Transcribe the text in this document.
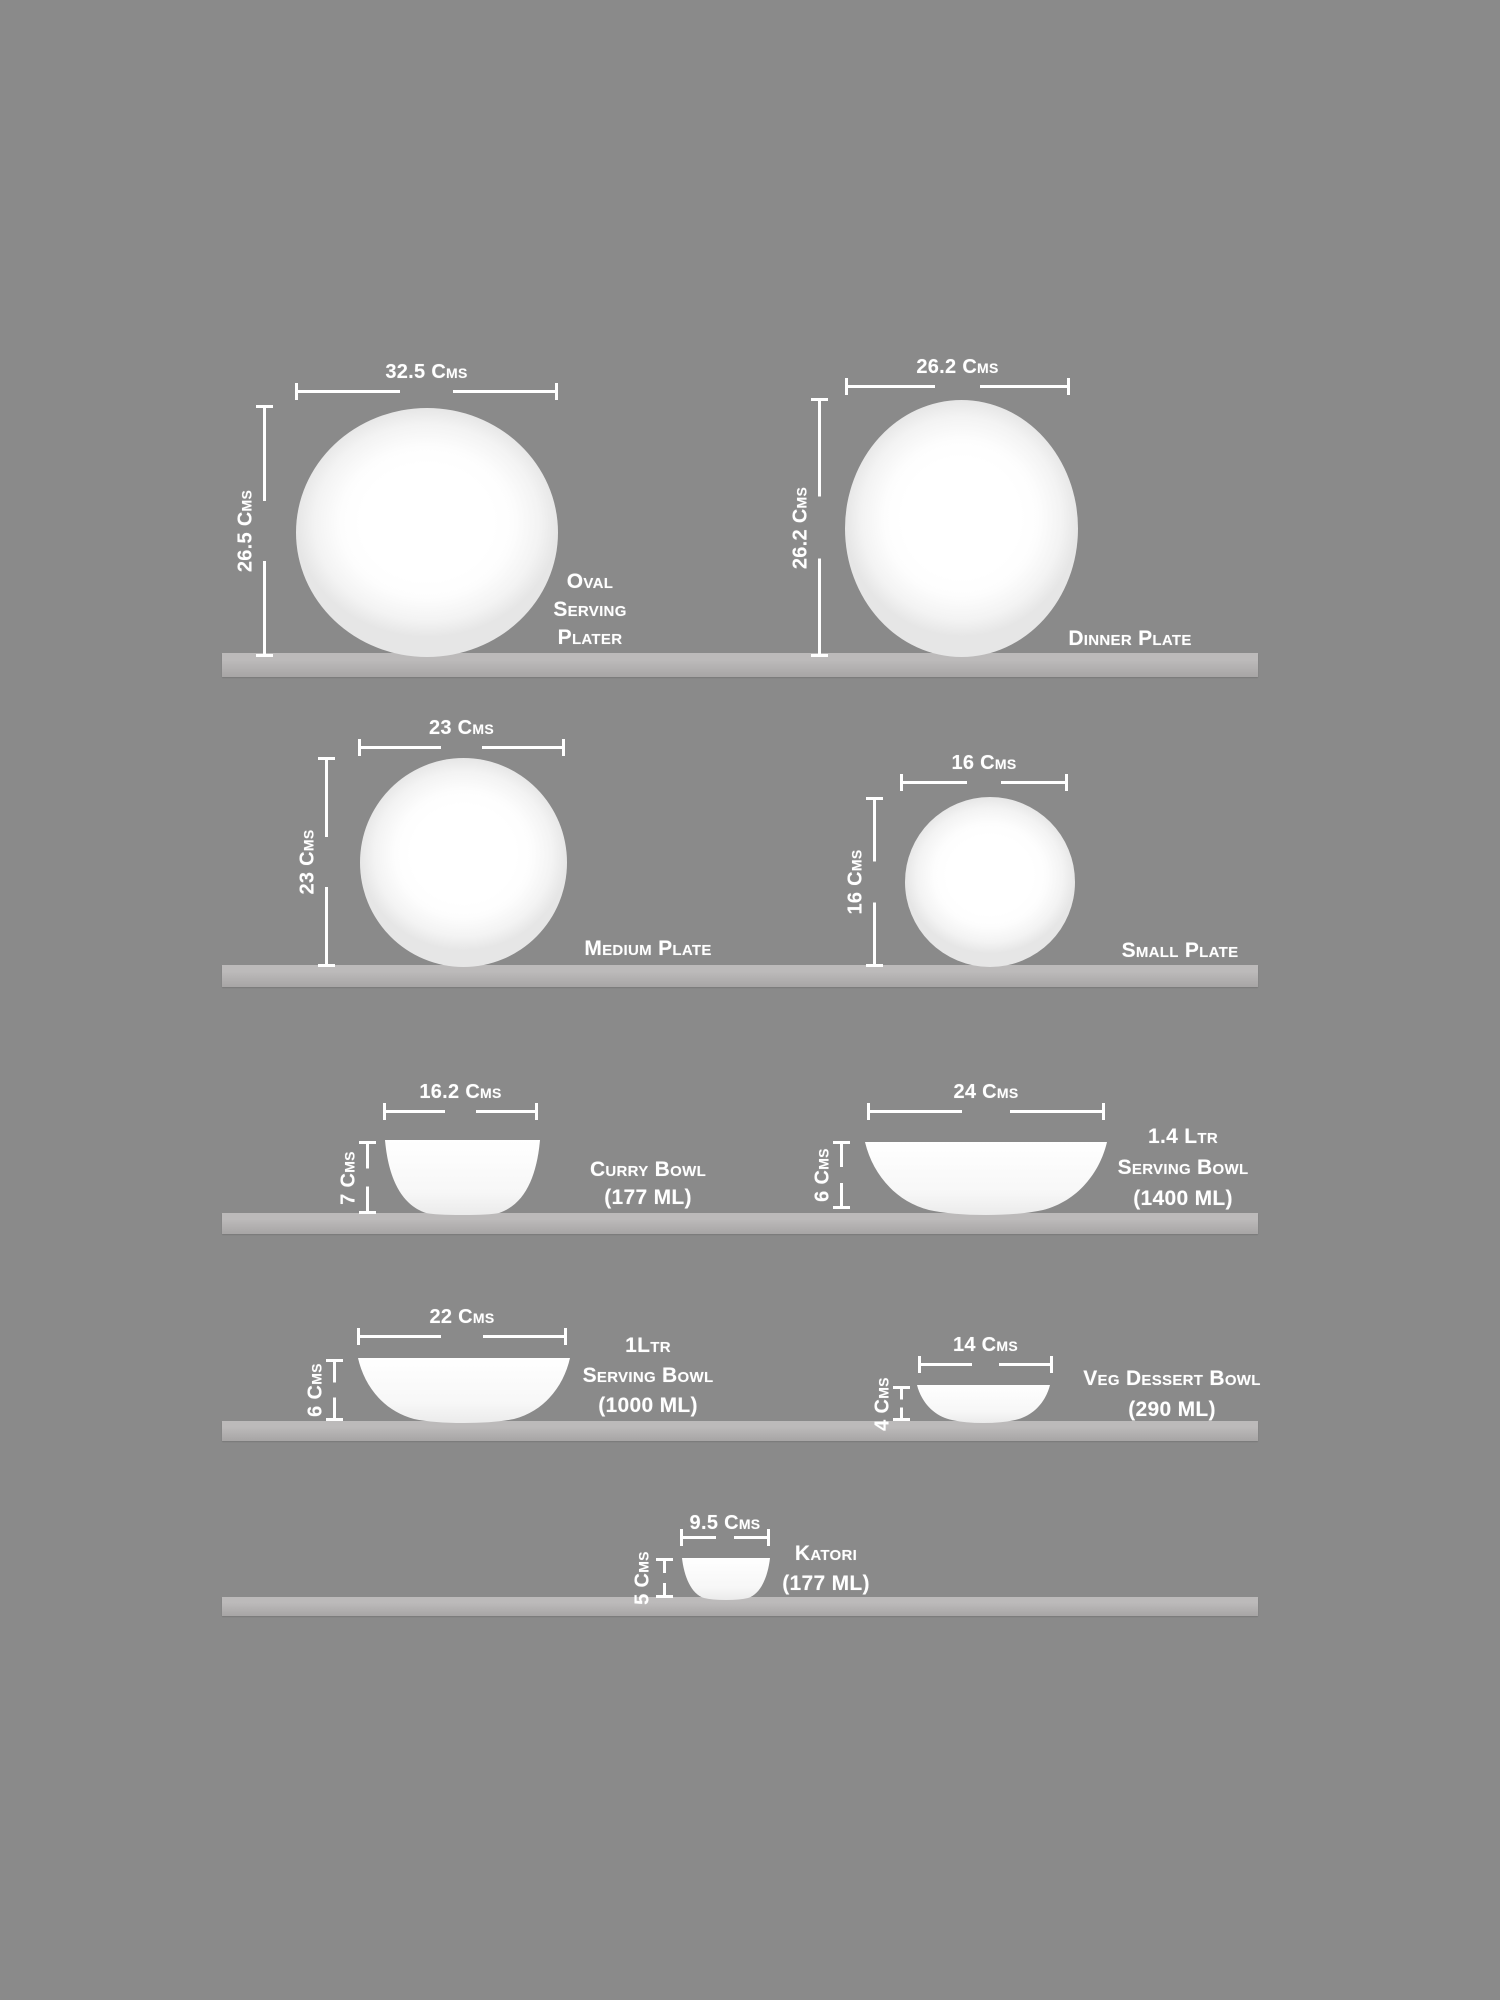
32.5 Cms
26.5 Cms
Oval
Serving
Plater
26.2 Cms
26.2 Cms
Dinner Plate
23 Cms
23 Cms
Medium Plate
16 Cms
16 Cms
Small Plate
16.2 Cms
7 Cms	Curry Bowl
(177 ML)
24 Cms
6 Cms
1.4 Ltr
Serving Bowl
(1400 ML)
22 Cms
6 Cms
1Ltr
Serving Bowl
(1000 ML)
14 Cms
4 Cms	Veg Dessert Bowl
(290 ML)
9.5 Cms
5 Cms	Katori
(177 ML)
